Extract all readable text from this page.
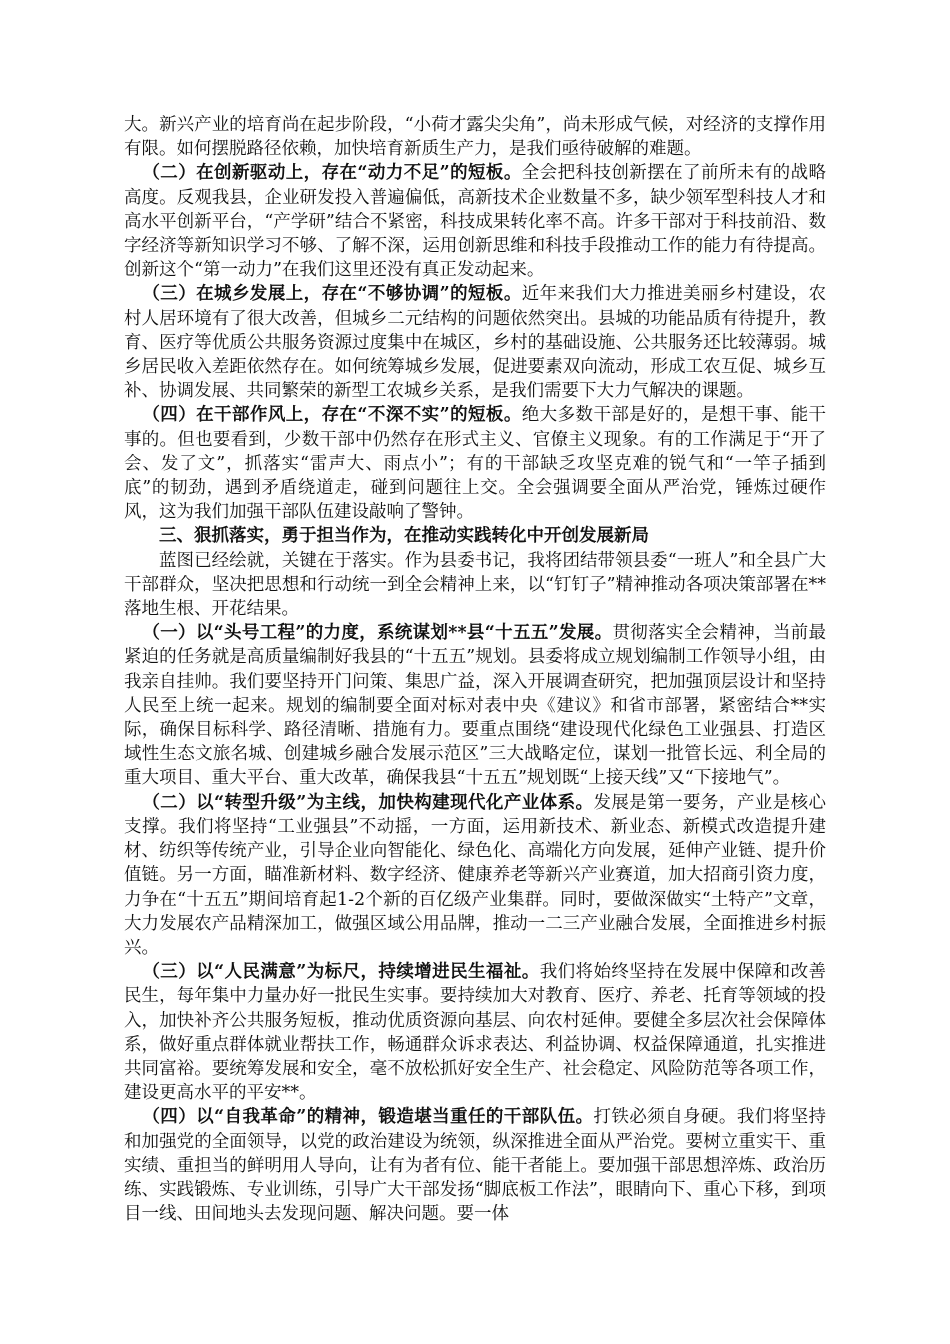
大。新兴产业的培育尚在起步阶段，“小荷才露尖尖角”，尚未形成气候，对经济的支撑作用有限。如何摆脱路径依赖，加快培育新质生产力，是我们亟待破解的难题。

（二）在创新驱动上，存在“动力不足”的短板。全会把科技创新摆在了前所未有的战略高度。反观我县，企业研发投入普遍偏低，高新技术企业数量不多，缺少领军型科技人才和高水平创新平台，“产学研”结合不紧密，科技成果转化率不高。许多干部对于科技前沿、数字经济等新知识学习不够、了解不深，运用创新思维和科技手段推动工作的能力有待提高。创新这个“第一动力”在我们这里还没有真正发动起来。

（三）在城乡发展上，存在“不够协调”的短板。近年来我们大力推进美丽乡村建设，农村人居环境有了很大改善，但城乡二元结构的问题依然突出。县城的功能品质有待提升，教育、医疗等优质公共服务资源过度集中在城区，乡村的基础设施、公共服务还比较薄弱。城乡居民收入差距依然存在。如何统筹城乡发展，促进要素双向流动，形成工农互促、城乡互补、协调发展、共同繁荣的新型工农城乡关系，是我们需要下大力气解决的课题。

（四）在干部作风上，存在“不深不实”的短板。绝大多数干部是好的，是想干事、能干事的。但也要看到，少数干部中仍然存在形式主义、官僚主义现象。有的工作满足于“开了会、发了文”，抓落实“雷声大、雨点小”；有的干部缺乏攻坚克难的锐气和“一竿子插到底”的韧劲，遇到矛盾绕道走，碰到问题往上交。全会强调要全面从严治党，锤炼过硬作风，这为我们加强干部队伍建设敲响了警钟。

三、狠抓落实，勇于担当作为，在推动实践转化中开创发展新局

蓝图已经绘就，关键在于落实。作为县委书记，我将团结带领县委“一班人”和全县广大干部群众，坚决把思想和行动统一到全会精神上来，以“钉钉子”精神推动各项决策部署在**落地生根、开花结果。

（一）以“头号工程”的力度，系统谋划**县“十五五”发展。贯彻落实全会精神，当前最紧迫的任务就是高质量编制好我县的“十五五”规划。县委将成立规划编制工作领导小组，由我亲自挂帅。我们要坚持开门问策、集思广益，深入开展调查研究，把加强顶层设计和坚持人民至上统一起来。规划的编制要全面对标对表中央《建议》和省市部署，紧密结合**实际，确保目标科学、路径清晰、措施有力。要重点围绕“建设现代化绿色工业强县、打造区域性生态文旅名城、创建城乡融合发展示范区”三大战略定位，谋划一批管长远、利全局的重大项目、重大平台、重大改革，确保我县“十五五”规划既“上接天线”又“下接地气”。

（二）以“转型升级”为主线，加快构建现代化产业体系。发展是第一要务，产业是核心支撑。我们将坚持“工业强县”不动摇，一方面，运用新技术、新业态、新模式改造提升建材、纺织等传统产业，引导企业向智能化、绿色化、高端化方向发展，延伸产业链、提升价值链。另一方面，瞄准新材料、数字经济、健康养老等新兴产业赛道，加大招商引资力度，力争在“十五五”期间培育起1-2个新的百亿级产业集群。同时，要做深做实“土特产”文章，大力发展农产品精深加工，做强区域公用品牌，推动一二三产业融合发展，全面推进乡村振兴。

（三）以“人民满意”为标尺，持续增进民生福祉。我们将始终坚持在发展中保障和改善民生，每年集中力量办好一批民生实事。要持续加大对教育、医疗、养老、托育等领域的投入，加快补齐公共服务短板，推动优质资源向基层、向农村延伸。要健全多层次社会保障体系，做好重点群体就业帮扶工作，畅通群众诉求表达、利益协调、权益保障通道，扎实推进共同富裕。要统筹发展和安全，毫不放松抓好安全生产、社会稳定、风险防范等各项工作，建设更高水平的平安**。

（四）以“自我革命”的精神，锻造堪当重任的干部队伍。打铁必须自身硬。我们将坚持和加强党的全面领导，以党的政治建设为统领，纵深推进全面从严治党。要树立重实干、重实绩、重担当的鲜明用人导向，让有为者有位、能干者能上。要加强干部思想淬炼、政治历练、实践锻炼、专业训练，引导广大干部发扬“脚底板工作法”，眼睛向下、重心下移，到项目一线、田间地头去发现问题、解决问题。要一体
